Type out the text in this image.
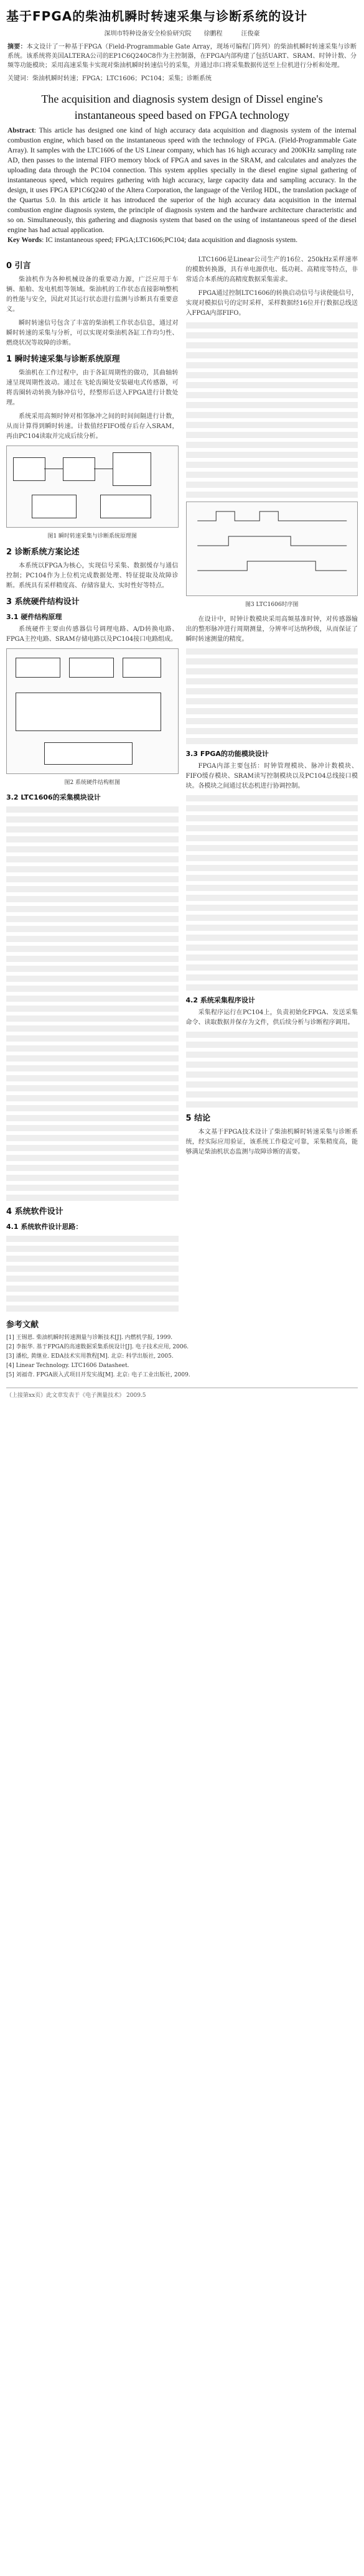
基于FPGA的柴油机瞬时转速采集与诊断系统的设计
深圳市特种设备安全检验研究院　　徐鹏程　　　汪俊豪
摘要：本文设计了一种基于FPGA（Field-Programmable Gate Array，现场可编程门阵列）的柴油机瞬时转速采集与诊断系统。该系统将美国ALTERA公司的EP1C6Q240C8作为主控制器，在FPGA内部构建了包括UART、SRAM、时钟计数、分频等功能模块；采用高速采集卡实现对柴油机瞬时转速信号的采集，并通过串口将采集数据传送至上位机进行分析和处理。
关键词：柴油机瞬时转速；FPGA；LTC1606；PC104；采集；诊断系统
The acquisition and diagnosis system design of Dissel engine's
instantaneous speed based on FPGA technology
Abstract: This article has designed one kind of high accuracy data acquisition and diagnosis system of the internal combustion engine, which based on the instantaneous speed with the technology of FPGA. (Field-Programmable Gate Array). It samples with the LTC1606 of the US Linear company, which has 16 high accuracy and 200KHz sampling rate AD, then passes to the internal FIFO memory block of FPGA and saves in the SRAM, and calculates and analyzes the uploading data through the PC104 connection. This system applies specially in the diesel engine signal gathering of instantaneous speed, which requires gathering with high accuracy, large capacity data and sampling accuracy. In the design, it uses FPGA EP1C6Q240 of the Altera Corporation, the language of the Verilog HDL, the translation package of the Quartus 5.0. In this article it has introduced the superior of the high accuracy data acquisition in the internal combustion engine diagnosis system, the principle of diagnosis system and the hardware architecture characteristic and so on. Simultaneously, this gathering and diagnosis system that based on the using of instantaneous speed of the diesel engine has had actual application.
Key Words: IC instantaneous speed; FPGA;LTC1606;PC104; data acquisition and diagnosis system.
0 引言

柴油机作为各种机械设备的重要动力源，广泛应用于车辆、船舶、发电机组等领域。柴油机的工作状态直接影响整机的性能与安全，因此对其运行状态进行监测与诊断具有重要意义。

瞬时转速信号包含了丰富的柴油机工作状态信息，通过对瞬时转速的采集与分析，可以实现对柴油机各缸工作均匀性、燃烧状况等故障的诊断。

1 瞬时转速采集与诊断系统原理

柴油机在工作过程中，由于各缸周期性的做功，其曲轴转速呈现周期性波动。通过在飞轮齿圈处安装磁电式传感器，可将齿圈转动转换为脉冲信号，经整形后送入FPGA进行计数处理。

系统采用高频时钟对相邻脉冲之间的时间间隔进行计数，从而计算得到瞬时转速。计数值经FIFO缓存后存入SRAM，再由PC104读取并完成后续分析。

图1 瞬时转速采集与诊断系统原理图
2 诊断系统方案论述

本系统以FPGA为核心，实现信号采集、数据缓存与通信控制；PC104作为上位机完成数据处理、特征提取及故障诊断。系统具有采样精度高、存储容量大、实时性好等特点。

3 系统硬件结构设计
3.1 硬件结构原理

系统硬件主要由传感器信号调理电路、A/D转换电路、FPGA主控电路、SRAM存储电路以及PC104接口电路组成。

图2 系统硬件结构框图
3.2 LTC1606的采集模块设计
4 系统软件设计
4.1 系统软件设计思路：

LTC1606是Linear公司生产的16位、250kHz采样速率的模数转换器，具有单电源供电、低功耗、高精度等特点，非常适合本系统的高精度数据采集需求。

FPGA通过控制LTC1606的转换启动信号与读使能信号，实现对模拟信号的定时采样，采样数据经16位并行数据总线送入FPGA内部FIFO。

图3 LTC1606时序图

在设计中，时钟计数模块采用高频基准时钟，对传感器输出的整形脉冲进行周期测量，分辨率可达纳秒级，从而保证了瞬时转速测量的精度。

3.3 FPGA的功能模块设计

FPGA内部主要包括：时钟管理模块、脉冲计数模块、FIFO缓存模块、SRAM读写控制模块以及PC104总线接口模块。各模块之间通过状态机进行协调控制。

4.2 系统采集程序设计

采集程序运行在PC104上，负责初始化FPGA、发送采集命令、读取数据并保存为文件，供后续分析与诊断程序调用。

5 结论

本文基于FPGA技术设计了柴油机瞬时转速采集与诊断系统，经实际应用验证，该系统工作稳定可靠，采集精度高，能够满足柴油机状态监测与故障诊断的需要。

参考文献
[1] 王锡恩. 柴油机瞬时转速测量与诊断技术[J]. 内燃机学报, 1999.
[2] 李振华. 基于FPGA的高速数据采集系统设计[J]. 电子技术应用, 2006.
[3] 潘松, 黄继业. EDA技术实用教程[M]. 北京: 科学出版社, 2005.
[4] Linear Technology. LTC1606 Datasheet.
[5] 刘福奇. FPGA嵌入式项目开发实战[M]. 北京: 电子工业出版社, 2009.
（上接第xx页）此文章发表于《电子测量技术》 2009.5
